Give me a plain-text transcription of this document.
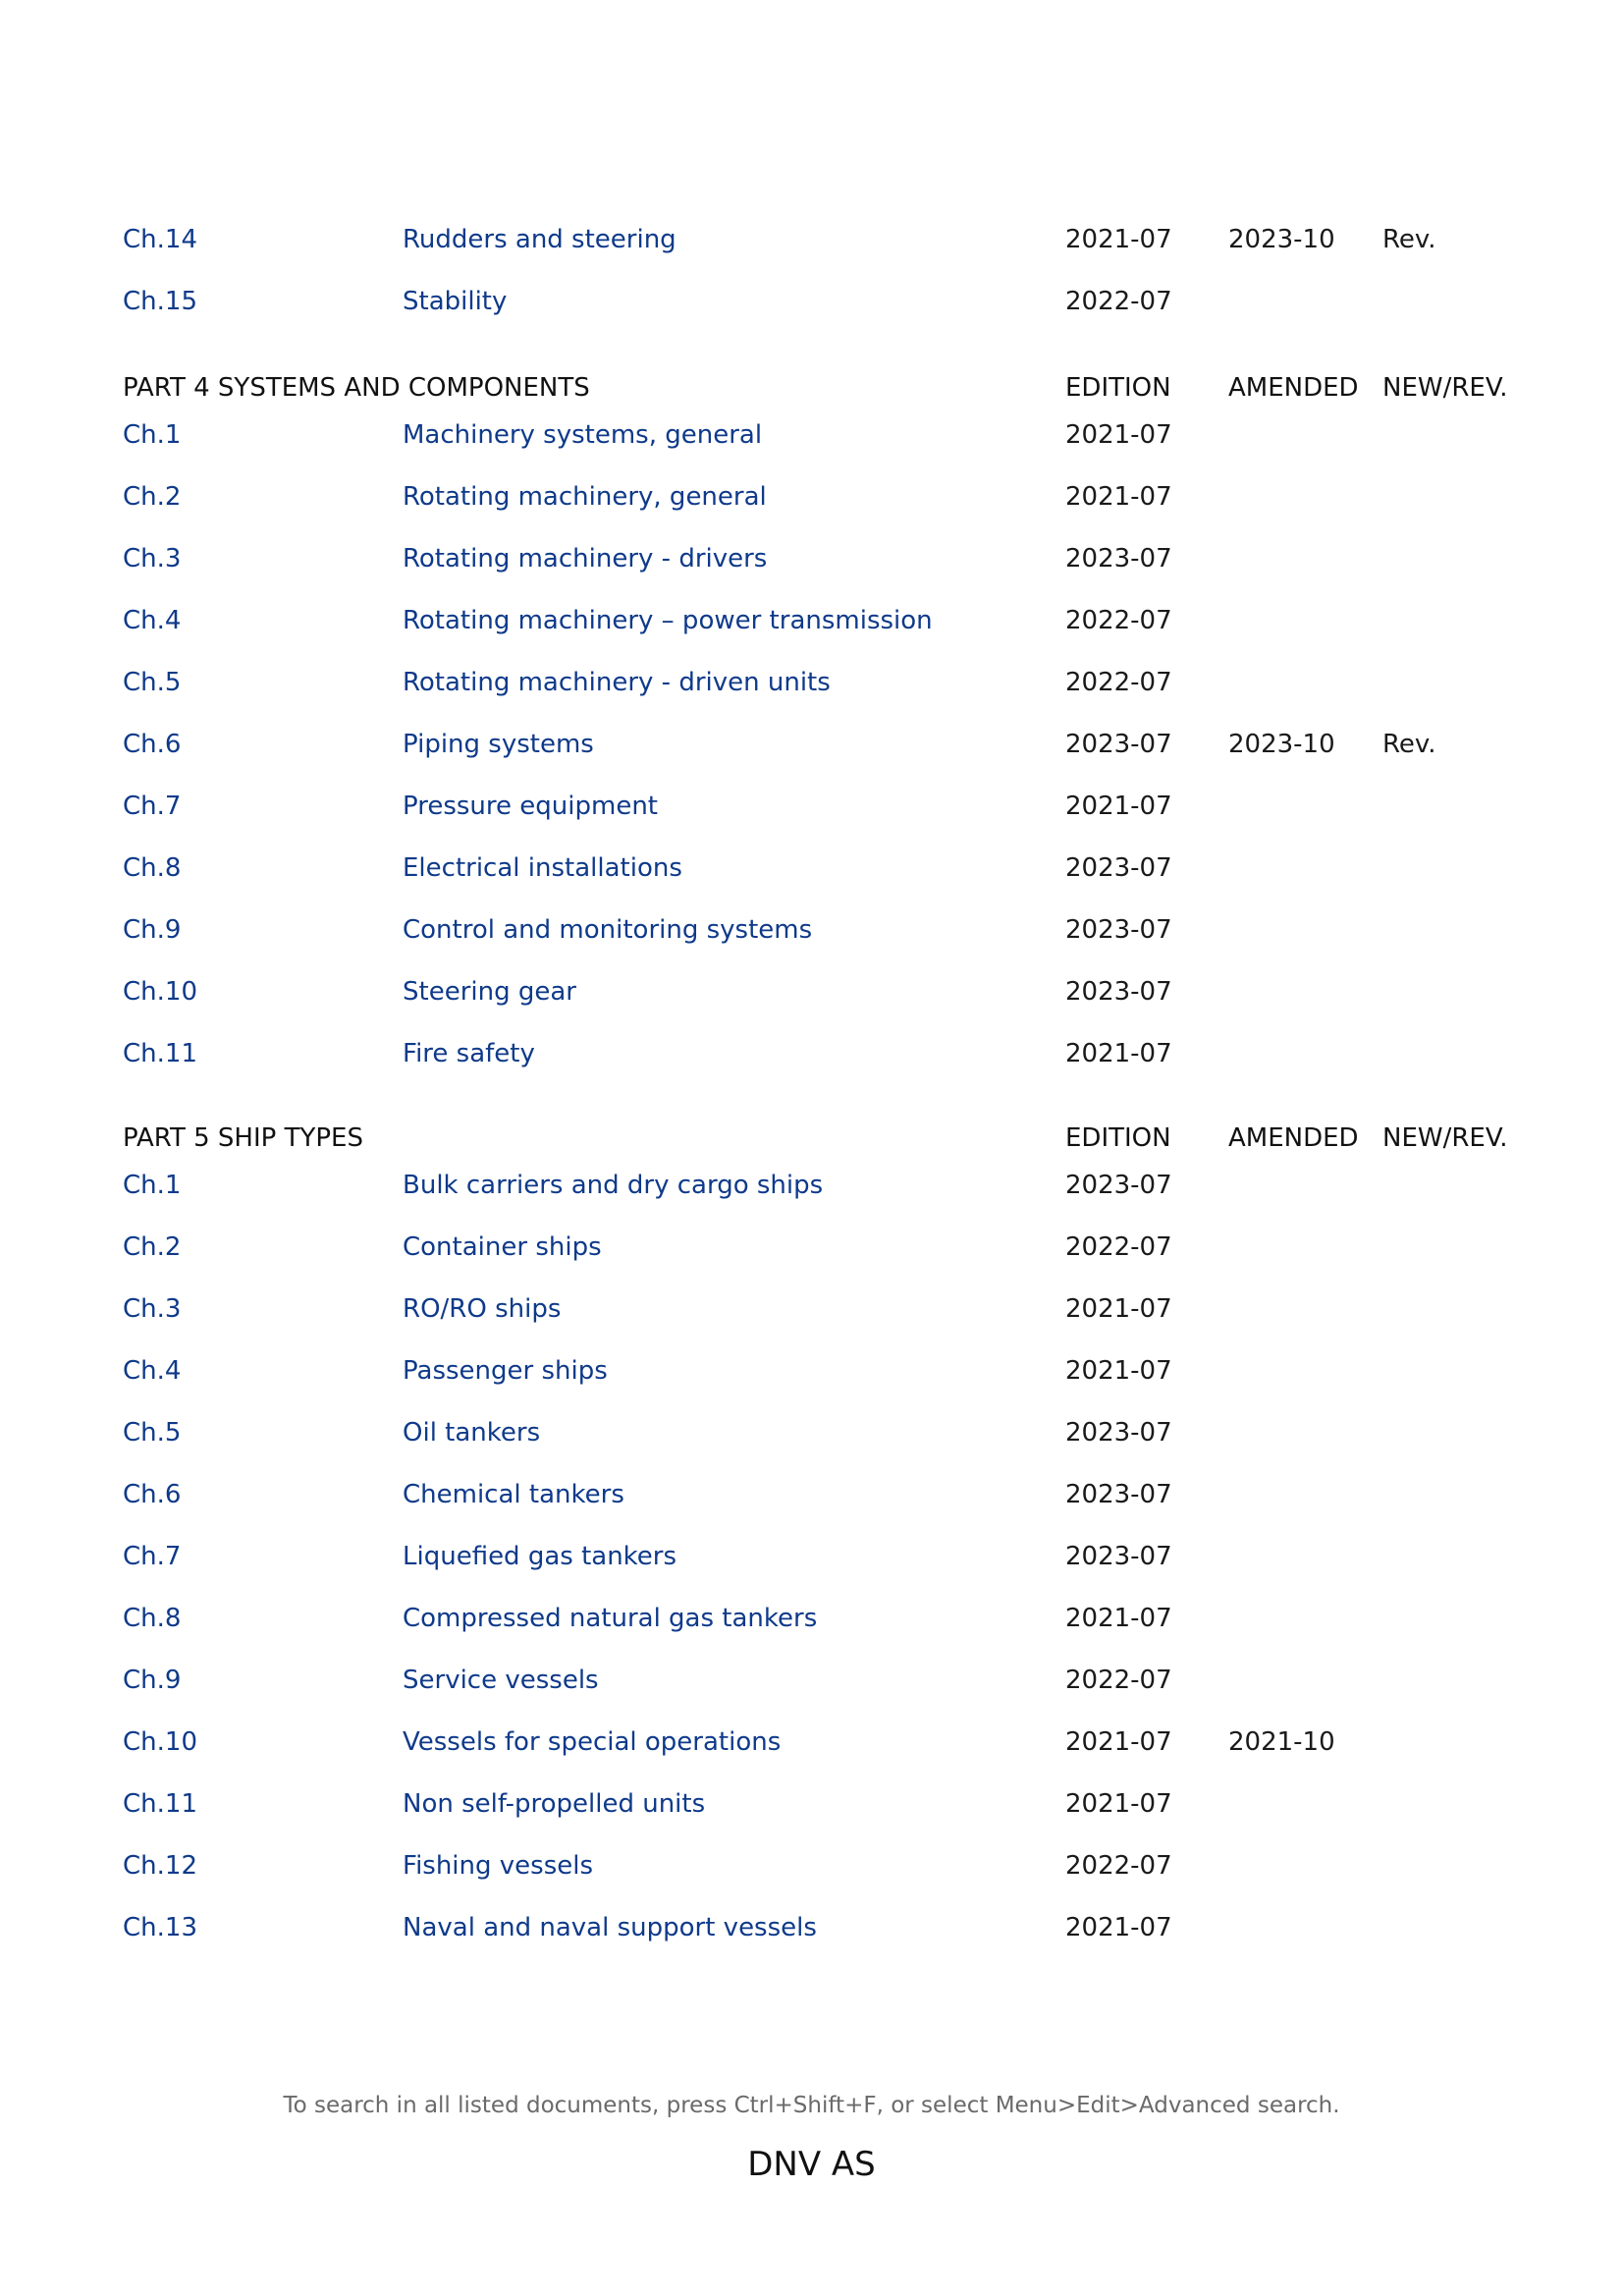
Ch.14	Rudders and steering	2021-07 2023-10 Rev.
Ch.15	Stability	2022-07
PART 4 SYSTEMS AND COMPONENTS	EDITION AMENDED NEW/REV.
Ch.1	Machinery systems, general	2021-07
Ch.2	Rotating machinery, general	2021-07
Ch.3	Rotating machinery - drivers	2023-07
Ch.4	Rotating machinery – power transmission	2022-07
Ch.5	Rotating machinery - driven units	2022-07
Ch.6	Piping systems	2023-07 2023-10 Rev.
Ch.7	Pressure equipment	2021-07
Ch.8	Electrical installations	2023-07
Ch.9	Control and monitoring systems	2023-07
Ch.10	Steering gear	2023-07
Ch.11	Fire safety	2021-07
PART 5 SHIP TYPES	EDITION AMENDED NEW/REV.
Ch.1	Bulk carriers and dry cargo ships	2023-07
Ch.2	Container ships	2022-07
Ch.3	RO/RO ships	2021-07
Ch.4	Passenger ships	2021-07
Ch.5	Oil tankers	2023-07
Ch.6	Chemical tankers	2023-07
Ch.7	Liquefied gas tankers	2023-07
Ch.8	Compressed natural gas tankers	2021-07
Ch.9	Service vessels	2022-07
Ch.10	Vessels for special operations	2021-07 2021-10
Ch.11	Non self-propelled units	2021-07
Ch.12	Fishing vessels	2022-07
Ch.13	Naval and naval support vessels	2021-07
To search in all listed documents, press Ctrl+Shift+F, or select Menu>Edit>Advanced search.
DNV AS
